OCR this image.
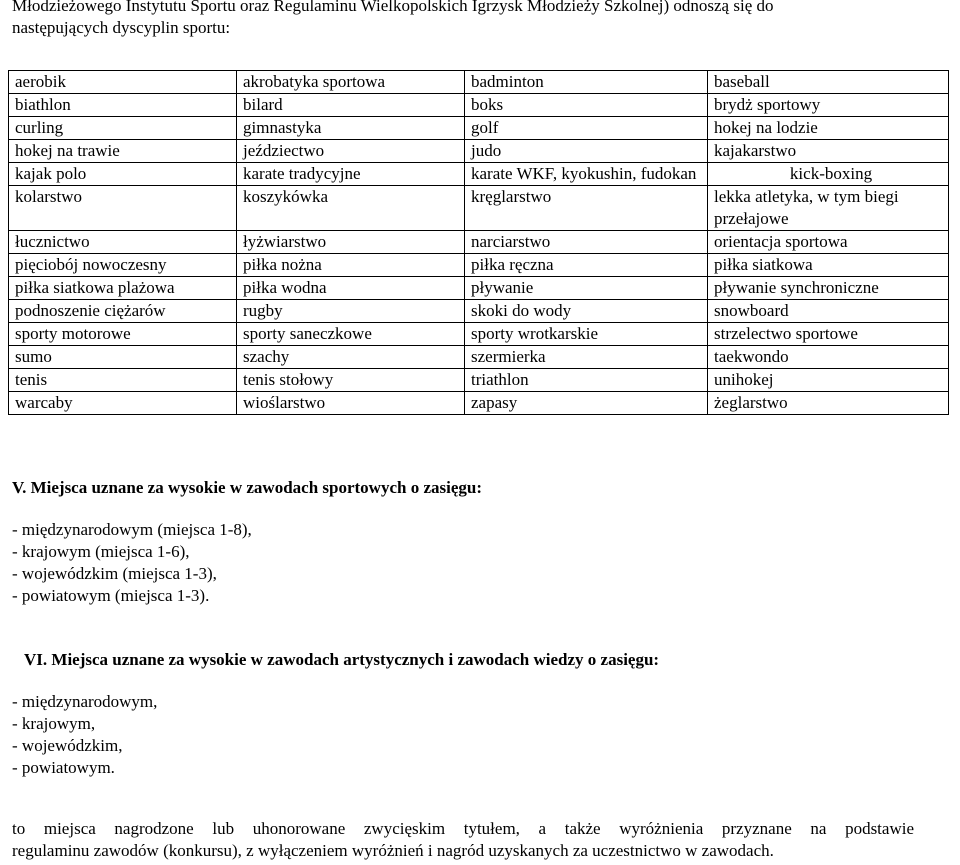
Młodzieżowego Instytutu Sportu oraz Regulaminu Wielkopolskich Igrzysk Młodzieży Szkolnej) odnoszą się do
następujących dyscyplin sportu:
aerobik	akrobatyka sportowa	badminton	baseball
biathlon	bilard	boks	brydż sportowy
curling	gimnastyka	golf	hokej na lodzie
hokej na trawie	jeździectwo	judo	kajakarstwo
kajak polo	karate tradycyjne	karate WKF, kyokushin, fudokan	kick-boxing
kolarstwo	koszykówka	kręglarstwo	lekka atletyka, w tym biegi przełajowe
łucznictwo	łyżwiarstwo	narciarstwo	orientacja sportowa
pięciobój nowoczesny	piłka nożna	piłka ręczna	piłka siatkowa
piłka siatkowa plażowa	piłka wodna	pływanie	pływanie synchroniczne
podnoszenie ciężarów	rugby	skoki do wody	snowboard
sporty motorowe	sporty saneczkowe	sporty wrotkarskie	strzelectwo sportowe
sumo	szachy	szermierka	taekwondo
tenis	tenis stołowy	triathlon	unihokej
warcaby	wioślarstwo	zapasy	żeglarstwo
V. Miejsca uznane za wysokie w zawodach sportowych o zasięgu:
- międzynarodowym (miejsca 1-8),
- krajowym (miejsca 1-6),
- wojewódzkim (miejsca 1-3),
- powiatowym (miejsca 1-3).
VI. Miejsca uznane za wysokie w zawodach artystycznych i zawodach wiedzy o zasięgu:
- międzynarodowym,
- krajowym,
- wojewódzkim,
- powiatowym.
to miejsca nagrodzone lub uhonorowane zwycięskim tytułem, a także wyróżnienia przyznane na podstawie
regulaminu zawodów (konkursu), z wyłączeniem wyróżnień i nagród uzyskanych za uczestnictwo w zawodach.
